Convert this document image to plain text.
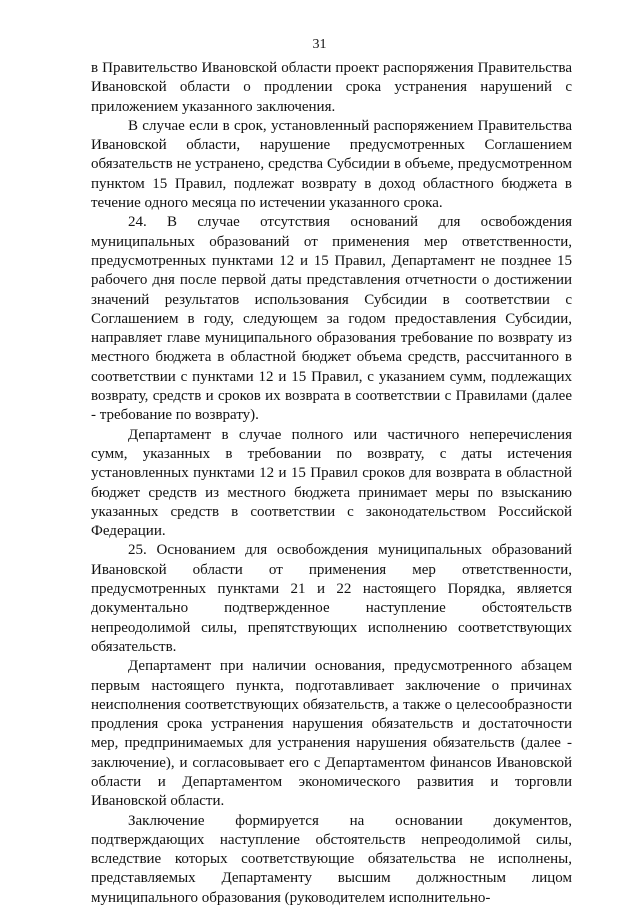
31

в Правительство Ивановской области проект распоряжения Правительства Ивановской области о продлении срока устранения нарушений с приложением указанного заключения.

В случае если в срок, установленный распоряжением Правительства Ивановской области, нарушение предусмотренных Соглашением обязательств не устранено, средства Субсидии в объеме, предусмотренном пунктом 15 Правил, подлежат возврату в доход областного бюджета в течение одного месяца по истечении указанного срока.

24. В случае отсутствия оснований для освобождения муниципальных образований от применения мер ответственности, предусмотренных пунктами 12 и 15 Правил, Департамент не позднее 15 рабочего дня после первой даты представления отчетности о достижении значений результатов использования Субсидии в соответствии с Соглашением в году, следующем за годом предоставления Субсидии, направляет главе муниципального образования требование по возврату из местного бюджета в областной бюджет объема средств, рассчитанного в соответствии с пунктами 12 и 15 Правил, с указанием сумм, подлежащих возврату, средств и сроков их возврата в соответствии с Правилами (далее - требование по возврату).

Департамент в случае полного или частичного неперечисления сумм, указанных в требовании по возврату, с даты истечения установленных пунктами 12 и 15 Правил сроков для возврата в областной бюджет средств из местного бюджета принимает меры по взысканию указанных средств в соответствии с законодательством Российской Федерации.

25. Основанием для освобождения муниципальных образований Ивановской области от применения мер ответственности, предусмотренных пунктами 21 и 22 настоящего Порядка, является документально подтвержденное наступление обстоятельств непреодолимой силы, препятствующих исполнению соответствующих обязательств.

Департамент при наличии основания, предусмотренного абзацем первым настоящего пункта, подготавливает заключение о причинах неисполнения соответствующих обязательств, а также о целесообразности продления срока устранения нарушения обязательств и достаточности мер, предпринимаемых для устранения нарушения обязательств (далее - заключение), и согласовывает его с Департаментом финансов Ивановской области и Департаментом экономического развития и торговли Ивановской области.

Заключение формируется на основании документов, подтверждающих наступление обстоятельств непреодолимой силы, вследствие которых соответствующие обязательства не исполнены, представляемых Департаменту высшим должностным лицом муниципального образования (руководителем исполнительно-
